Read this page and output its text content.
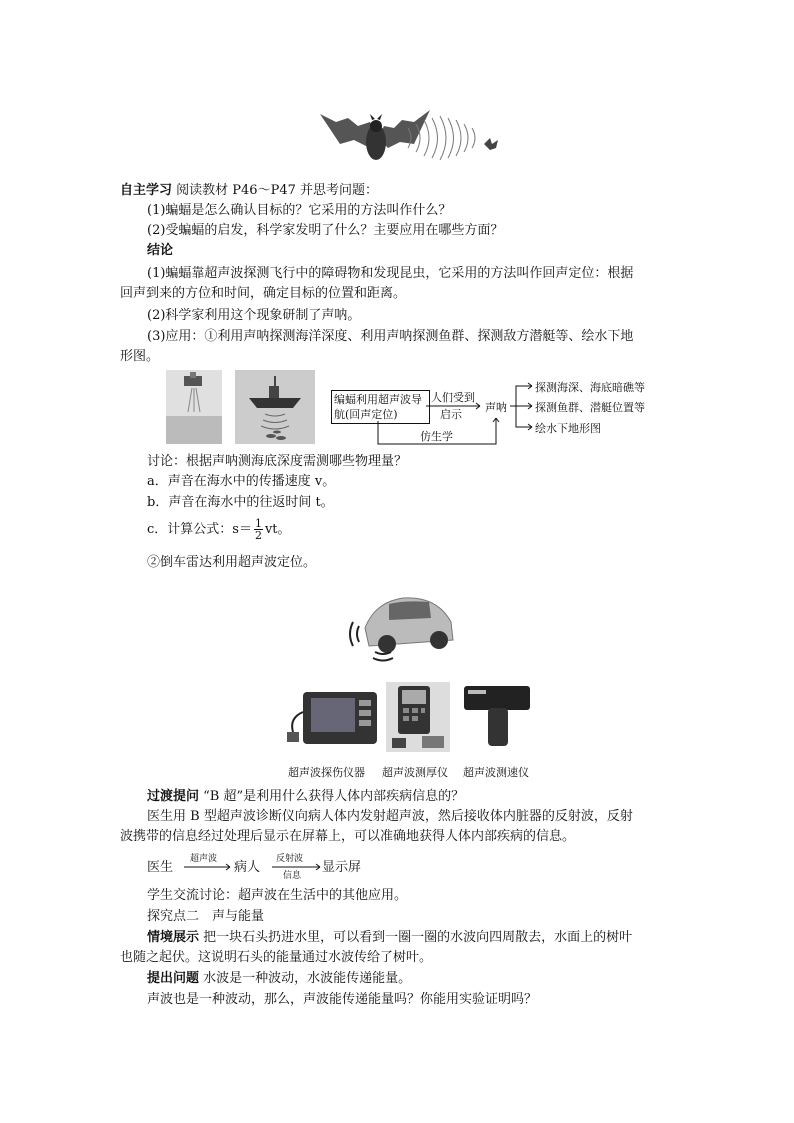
自主学习 阅读教材 P46～P47 并思考问题：
(1)蝙蝠是怎么确认目标的？它采用的方法叫作什么？
(2)受蝙蝠的启发，科学家发明了什么？主要应用在哪些方面？
结论
(1)蝙蝠靠超声波探测飞行中的障碍物和发现昆虫，它采用的方法叫作回声定位：根据
回声到来的方位和时间，确定目标的位置和距离。
(2)科学家利用这个现象研制了声呐。
(3)应用：①利用声呐探测海洋深度、利用声呐探测鱼群、探测敌方潜艇等、绘水下地
形图。
编蝠利用超声波导航(回声定位)
人们受到
启示
仿生学
声呐
探测海深、海底暗礁等
探测鱼群、潜艇位置等
绘水下地形图
讨论：根据声呐测海底深度需测哪些物理量？
a．声音在海水中的传播速度 v。
b．声音在海水中的往返时间 t。
c．计算公式：$s= \frac{1}{2}$ vt。
②倒车雷达利用超声波定位。
超声波探伤仪器 超声波测厚仪 超声波测速仪
过渡提问 “B 超”是利用什么获得人体内部疾病信息的？
医生用 B 型超声波诊断仪向病人体内发射超声波，然后接收体内脏器的反射波，反射
波携带的信息经过处理后显示在屏幕上，可以准确地获得人体内部疾病的信息。
医生
超声波
病人
反射波
信息
显示屏
学生交流讨论：超声波在生活中的其他应用。
探究点二　声与能量
情境展示 把一块石头扔进水里，可以看到一圈一圈的水波向四周散去，水面上的树叶
也随之起伏。这说明石头的能量通过水波传给了树叶。
提出问题 水波是一种波动，水波能传递能量。
声波也是一种波动，那么，声波能传递能量吗？你能用实验证明吗？
